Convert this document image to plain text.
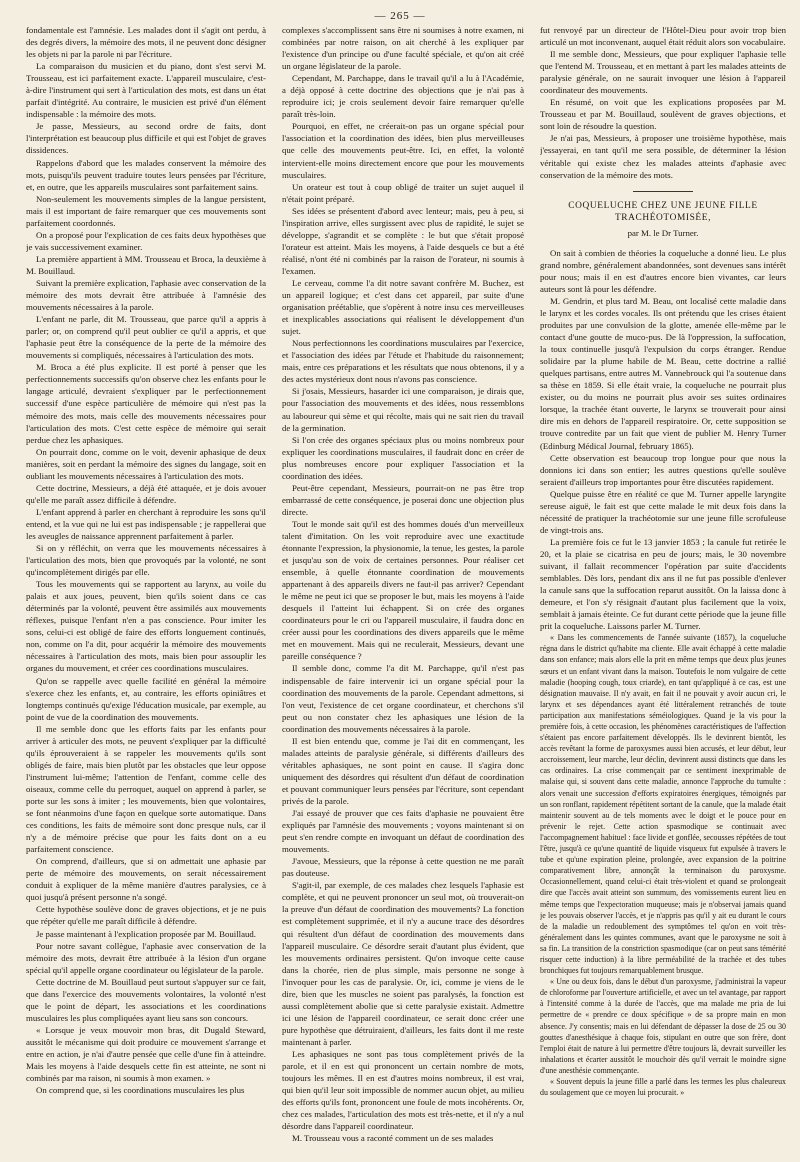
— 265 —

fondamentale est l'amnésie. Les malades dont il s'agit ont perdu, à des degrés divers, la mémoire des mots, il ne peuvent donc désigner les objets ni par la parole ni par l'écriture.

La comparaison du musicien et du piano, dont s'est servi M. Trousseau, est ici parfaitement exacte. L'appareil musculaire, c'est-à-dire l'instrument qui sert à l'articulation des mots, est dans un état parfait d'intégrité. Au contraire, le musicien est privé d'un élément indispensable : la mémoire des mots.

Je passe, Messieurs, au second ordre de faits, dont l'interprétation est beaucoup plus difficile et qui est l'objet de graves dissidences.

Rappelons d'abord que les malades conservent la mémoire des mots, puisqu'ils peuvent traduire toutes leurs pensées par l'écriture, et, en outre, que les appareils musculaires sont parfaitement sains.

Non-seulement les mouvements simples de la langue persistent, mais il est important de faire remarquer que ces mouvements sont parfaitement coordonnés.

On a proposé pour l'explication de ces faits deux hypothèses que je vais successivement examiner.

La première appartient à MM. Trousseau et Broca, la deuxième à M. Bouillaud.

Suivant la première explication, l'aphasie avec conservation de la mémoire des mots devrait être attribuée à l'amnésie des mouvements nécessaires à la parole.

L'enfant ne parle, dit M. Trousseau, que parce qu'il a appris à parler; or, on comprend qu'il peut oublier ce qu'il a appris, et que l'aphasie peut être la conséquence de la perte de la mémoire des mouvements si compliqués, nécessaires à l'articulation des mots.

M. Broca a été plus explicite. Il est porté à penser que les perfectionnements successifs qu'on observe chez les enfants pour le langage articulé, devraient s'expliquer par le perfectionnement successif d'une espèce particulière de mémoire qui n'est pas la mémoire des mots, mais celle des mouvements nécessaires pour l'articulation des mots. C'est cette espèce de mémoire qui serait perdue chez les aphasiques.

On pourrait donc, comme on le voit, devenir aphasique de deux manières, soit en perdant la mémoire des signes du langage, soit en oubliant les mouvements nécessaires à l'articulation des mots.

Cette doctrine, Messieurs, a déjà été attaquée, et je dois avouer qu'elle me paraît assez difficile à défendre.

L'enfant apprend à parler en cherchant à reproduire les sons qu'il entend, et la vue qui ne lui est pas indispensable ; je rappellerai que les aveugles de naissance apprennent parfaitement à parler.

Si on y réfléchit, on verra que les mouvements nécessaires à l'articulation des mots, bien que provoqués par la volonté, ne sont qu'incomplètement dirigés par elle.

Tous les mouvements qui se rapportent au larynx, au voile du palais et aux joues, peuvent, bien qu'ils soient dans ce cas déterminés par la volonté, peuvent être assimilés aux mouvements réflexes, puisque l'enfant n'en a pas conscience. Pour imiter les sons, celui-ci est obligé de faire des efforts longuement continués, non, comme on l'a dit, pour acquérir la mémoire des mouvements nécessaires à l'articulation des mots, mais bien pour assouplir les organes du mouvement, et créer ces coordinations musculaires.

Qu'on se rappelle avec quelle facilité en général la mémoire s'exerce chez les enfants, et, au contraire, les efforts opiniâtres et longtemps continués qu'exige l'éducation musicale, par exemple, au point de vue de la coordination des mouvements.

Il me semble donc que les efforts faits par les enfants pour arriver à articuler des mots, ne peuvent s'expliquer par la difficulté qu'ils éprouveraient à se rappeler les mouvements qu'ils sont obligés de faire, mais bien plutôt par les obstacles que leur oppose l'instrument lui-même; l'attention de l'enfant, comme celle des oiseaux, comme celle du perroquet, auquel on apprend à parler, se porte sur les sons à imiter ; les mouvements, bien que volontaires, se font néanmoins d'une façon en quelque sorte automatique. Dans ces conditions, les faits de mémoire sont donc presque nuls, car il n'y a de mémoire précise que pour les faits dont on a eu parfaitement conscience.

On comprend, d'ailleurs, que si on admettait une aphasie par perte de mémoire des mouvements, on serait nécessairement conduit à expliquer de la même manière d'autres paralysies, ce à quoi jusqu'à présent personne n'a songé.

Cette hypothèse soulève donc de graves objections, et je ne puis que répéter qu'elle me paraît difficile à défendre.

Je passe maintenant à l'explication proposée par M. Bouillaud.

Pour notre savant collègue, l'aphasie avec conservation de la mémoire des mots, devrait être attribuée à la lésion d'un organe spécial qu'il appelle organe coordinateur ou législateur de la parole.

Cette doctrine de M. Bouillaud peut surtout s'appuyer sur ce fait, que dans l'exercice des mouvements volontaires, la volonté n'est que le point de départ, les associations et les coordinations musculaires les plus compliquées ayant lieu sans son concours.

« Lorsque je veux mouvoir mon bras, dit Dugald Steward, aussitôt le mécanisme qui doit produire ce mouvement s'arrange et entre en action, je n'ai d'autre pensée que celle d'une fin à atteindre. Mais les moyens à l'aide desquels cette fin est atteinte, ne sont ni combinés par ma raison, ni soumis à mon examen. »

On comprend que, si les coordinations musculaires les plus

complexes s'accomplissent sans être ni soumises à notre examen, ni combinées par notre raison, on ait cherché à les expliquer par l'existence d'un principe ou d'une faculté spéciale, et qu'on ait créé un organe législateur de la parole.

Cependant, M. Parchappe, dans le travail qu'il a lu à l'Académie, a déjà opposé à cette doctrine des objections que je n'ai pas à reproduire ici; je crois seulement devoir faire remarquer qu'elle paraît très-loin.

Pourquoi, en effet, ne créerait-on pas un organe spécial pour l'association et la coordination des idées, bien plus merveilleuses que celle des mouvements peut-être. Ici, en effet, la volonté intervient-elle moins directement encore que pour les mouvements musculaires.

Un orateur est tout à coup obligé de traiter un sujet auquel il n'était point préparé.

Ses idées se présentent d'abord avec lenteur; mais, peu à peu, si l'inspiration arrive, elles surgissent avec plus de rapidité, le sujet se développe, s'agrandit et se complète : le but que s'était proposé l'orateur est atteint. Mais les moyens, à l'aide desquels ce but a été réalisé, n'ont été ni combinés par la raison de l'orateur, ni soumis à l'examen.

Le cerveau, comme l'a dit notre savant confrère M. Buchez, est un appareil logique; et c'est dans cet appareil, par suite d'une organisation préétablie, que s'opèrent à notre insu ces merveilleuses et inexplicables associations qui réalisent le développement d'un sujet.

Nous perfectionnons les coordinations musculaires par l'exercice, et l'association des idées par l'étude et l'habitude du raisonnement; mais, entre ces préparations et les résultats que nous obtenons, il y a des actes mystérieux dont nous n'avons pas conscience.

Si j'osais, Messieurs, hasarder ici une comparaison, je dirais que, pour l'association des mouvements et des idées, nous ressemblons au laboureur qui sème et qui récolte, mais qui ne sait rien du travail de la germination.

Si l'on crée des organes spéciaux plus ou moins nombreux pour expliquer les coordinations musculaires, il faudrait donc en créer de plus nombreuses encore pour expliquer l'association et la coordination des idées.

Peut-être cependant, Messieurs, pourrait-on ne pas être trop embarrassé de cette conséquence, je poserai donc une objection plus directe.

Tout le monde sait qu'il est des hommes doués d'un merveilleux talent d'imitation. On les voit reproduire avec une exactitude étonnante l'expression, la physionomie, la tenue, les gestes, la parole et jusqu'au son de voix de certaines personnes. Pour réaliser cet ensemble, à quelle étonnante coordination de mouvements appartenant à des appareils divers ne faut-il pas arriver? Cependant le même ne peut ici que se proposer le but, mais les moyens à l'aide desquels il l'atteint lui échappent. Si on crée des organes coordinateurs pour le cri ou l'appareil musculaire, il faudra donc en créer aussi pour les coordinations des divers appareils que le même met en mouvement. Mais qui ne reculerait, Messieurs, devant une pareille conséquence ?

Il semble donc, comme l'a dit M. Parchappe, qu'il n'est pas indispensable de faire intervenir ici un organe spécial pour la coordination des mouvements de la parole. Cependant admettons, si l'on veut, l'existence de cet organe coordinateur, et cherchons s'il peut ou non constater chez les aphasiques une lésion de la coordination des mouvements nécessaires à la parole.

Il est bien entendu que, comme je l'ai dit en commençant, les malades atteints de paralysie générale, si différents d'ailleurs des véritables aphasiques, ne sont point en cause. Il s'agira donc uniquement des désordres qui résultent d'un défaut de coordination et pouvant communiquer leurs pensées par l'écriture, sont cependant privés de la parole.

J'ai essayé de prouver que ces faits d'aphasie ne pouvaient être expliqués par l'amnésie des mouvements ; voyons maintenant si on peut s'en rendre compte en invoquant un défaut de coordination des mouvements.

J'avoue, Messieurs, que la réponse à cette question ne me paraît pas douteuse.

S'agit-il, par exemple, de ces malades chez lesquels l'aphasie est complète, et qui ne peuvent prononcer un seul mot, où trouverait-on la preuve d'un défaut de coordination des mouvements? La fonction est complètement supprimée, et il n'y a aucune trace des désordres qui résultent d'un défaut de coordination des mouvements dans l'appareil musculaire. Ce désordre serait d'autant plus évident, que les mouvements ordinaires persistent. Qu'on invoque cette cause dans la chorée, rien de plus simple, mais personne ne songe à l'invoquer pour les cas de paralysie. Or, ici, comme je viens de le dire, bien que les muscles ne soient pas paralysés, la fonction est aussi complètement abolie que si cette paralysie existait. Admettre ici une lésion de l'appareil coordinateur, ce serait donc créer une pure hypothèse que détruiraient, d'ailleurs, les faits dont il me reste maintenant à parler.

Les aphasiques ne sont pas tous complètement privés de la parole, et il en est qui prononcent un certain nombre de mots, toujours les mêmes. Il en est d'autres moins nombreux, il est vrai, qui bien qu'il leur soit impossible de nommer aucun objet, au milieu des efforts qu'ils font, prononcent une foule de mots incohérents. Or, chez ces malades, l'articulation des mots est très-nette, et il n'y a nul désordre dans l'appareil coordinateur.

M. Trousseau vous a raconté comment un de ses malades

fut renvoyé par un directeur de l'Hôtel-Dieu pour avoir trop bien articulé un mot inconvenant, auquel était réduit alors son vocabulaire.

Il me semble donc, Messieurs, que pour expliquer l'aphasie telle que l'entend M. Trousseau, et en mettant à part les malades atteints de paralysie générale, on ne saurait invoquer une lésion à l'appareil coordinateur des mouvements.

En résumé, on voit que les explications proposées par M. Trousseau et par M. Bouillaud, soulèvent de graves objections, et sont loin de résoudre la question.

Je n'ai pas, Messieurs, à proposer une troisième hypothèse, mais j'essayerai, en tant qu'il me sera possible, de déterminer la lésion véritable qui existe chez les malades atteints d'aphasie avec conservation de la mémoire des mots.

COQUELUCHE CHEZ UNE JEUNE FILLE TRACHÉOTOMISÉE,
par M. le Dr Turner.

On sait à combien de théories la coqueluche a donné lieu. Le plus grand nombre, généralement abandonnées, sont devenues sans intérêt pour nous; mais il en est d'autres encore bien vivantes, car leurs auteurs sont là pour les défendre.

M. Gendrin, et plus tard M. Beau, ont localisé cette maladie dans le larynx et les cordes vocales. Ils ont prétendu que les crises étaient produites par une convulsion de la glotte, amenée elle-même par le contact d'une goutte de muco-pus. De là l'oppression, la suffocation, la toux continuelle jusqu'à l'expulsion du corps étranger. Rendue solidaire par la plume habile de M. Beau, cette doctrine a rallié quelques partisans, entre autres M. Vannebrouck qui l'a soutenue dans sa thèse en 1859. Si elle était vraie, la coqueluche ne pourrait plus exister, ou du moins ne pourrait plus avoir ses suites ordinaires lorsque, la trachée étant ouverte, le larynx se trouverait pour ainsi dire mis en dehors de l'appareil respiratoire. Or, cette supposition se trouve contredite par un fait que vient de publier M. Henry Turner (Edinburg Médical Journal, february 1865).

Cette observation est beaucoup trop longue pour que nous la donnions ici dans son entier; les autres questions qu'elle soulève seraient d'ailleurs trop importantes pour être discutées rapidement.

Quelque puisse être en réalité ce que M. Turner appelle laryngite sereuse aiguë, le fait est que cette malade le mit deux fois dans la nécessité de pratiquer la trachéotomie sur une jeune fille scrofuleuse de vingt-trois ans.

La première fois ce fut le 13 janvier 1853 ; la canule fut retirée le 20, et la plaie se cicatrisa en peu de jours; mais, le 30 novembre suivant, il fallait recommencer l'opération par suite d'accidents semblables. Dès lors, pendant dix ans il ne fut pas possible d'enlever la canule sans que la suffocation reparut aussitôt. On la laissa donc à demeure, et l'on s'y résignait d'autant plus facilement que la voix, semblait à jamais éteinte. Ce fut durant cette période que la jeune fille prit la coqueluche. Laissons parler M. Turner.

« Dans les commencements de l'année suivante (1857), la coqueluche régna dans le district qu'habite ma cliente. Elle avait échappé à cette maladie dans son enfance; mais alors elle la prit en même temps que deux plus jeunes sœurs et un enfant vivant dans la maison. Toutefois le nom vulgaire de cette maladie (hooping cough, toux criarde), en tant qu'appliqué à ce cas, est une désignation mauvaise. Il n'y avait, en fait il ne pouvait y avoir aucun cri, le larynx et ses dépendances ayant été littéralement retranchés de toute participation aux manifestations séméiologiques. Quand je la vis pour la première fois, à cette occasion, les phénomènes caractéristiques de l'affection s'étaient pas encore parfaitement développés. Ils le devinrent bientôt, les accès revêtant la forme de paroxysmes aussi bien accusés, et leur début, leur accroissement, leur marche, leur déclin, devinrent aussi distincts que dans les cas ordinaires. La crise commençait par ce sentiment inexprimable de malaise qui, si souvent dans cette maladie, annonce l'approche du tumulte : alors venait une succession d'efforts expiratoires énergiques, témoignés par un son ronflant, rapidement répétitent sortant de la canule, que la malade était maintenir souvent au de tels moments avec le doigt et le pouce pour en prévenir le rejet. Cette action spasmodique se continuait avec l'accompagnement habituel : face livide et gonflée, secousses répétées de tout l'être, jusqu'à ce qu'une quantité de liquide visqueux fut expulsée à travers le tube et qu'une expiration pleine, prolongée, avec expansion de la poitrine comparativement libre, annonçât la terminaison du paroxysme. Occasionnellement, quand celui-ci était très-violent et quand se prolongeait dire que l'accès avait atteint son summum, des vomissements eurent lieu en même temps que l'expectoration muqueuse; mais je n'observai jamais quand je les pouvais observer l'accès, et je n'appris pas qu'il y ait eu durant le cours de la maladie un redoublement des symptômes tel qu'on en voit très-généralement dans les quintes communes, avant que le paroxysme ne soit à sa fin. La transition de la constriction spasmodique (car on peut sans témérité risquer cette induction) à la libre perméabilité de la trachée et des tubes bronchiques fut toujours remarquablement brusque.

« Une ou deux fois, dans le début d'un paroxysme, j'administrai la vapeur de chloroforme par l'ouverture artificielle, et avec un tel avantage, par rapport à l'intensité comme à la durée de l'accès, que ma malade me pria de lui permettre de « prendre ce doux spécifique » de sa propre main en mon absence. J'y consentis; mais en lui défendant de dépasser la dose de 25 ou 30 gouttes d'anesthésique à chaque fois, stipulant en outre que son frère, dont l'emploi était de nature à lui permettre d'être toujours là, devrait surveiller les inhalations et écarter aussitôt le mouchoir dès qu'il verrait le moindre signe d'une anesthésie commençante.

« Souvent depuis la jeune fille a parlé dans les termes les plus chaleureux du soulagement que ce moyen lui procurait. »
